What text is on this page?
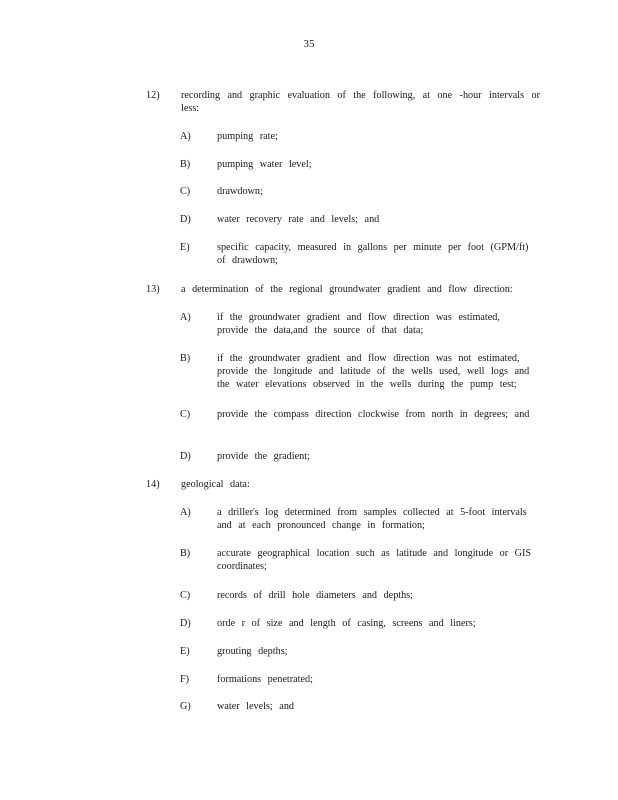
35
12)	recording and graphic evaluation of the following, at one -hour intervals or less:
A)	pumping rate;
B)	pumping water level;
C)	drawdown;
D)	water recovery rate and levels; and
E)	specific capacity, measured in gallons per minute per foot (GPM/ft) of drawdown;
13)	a determination of the regional groundwater gradient and flow direction:
A)	if the groundwater gradient and flow direction was estimated, provide the data,and the source of that data;
B)	if the groundwater gradient and flow direction was not estimated, provide the longitude and latitude of the wells used, well logs and the water elevations observed in the wells during the pump test;
C)	provide the compass direction clockwise from north in degrees; and
D)	provide the gradient;
14)	geological data:
A)	a driller's log determined from samples collected at 5-foot intervals and at each pronounced change in formation;
B)	accurate geographical location such as latitude and longitude or GIS coordinates;
C)	records of drill hole diameters and depths;
D)	orde r of size and length of casing, screens and liners;
E)	grouting depths;
F)	formations penetrated;
G)	water levels; and
